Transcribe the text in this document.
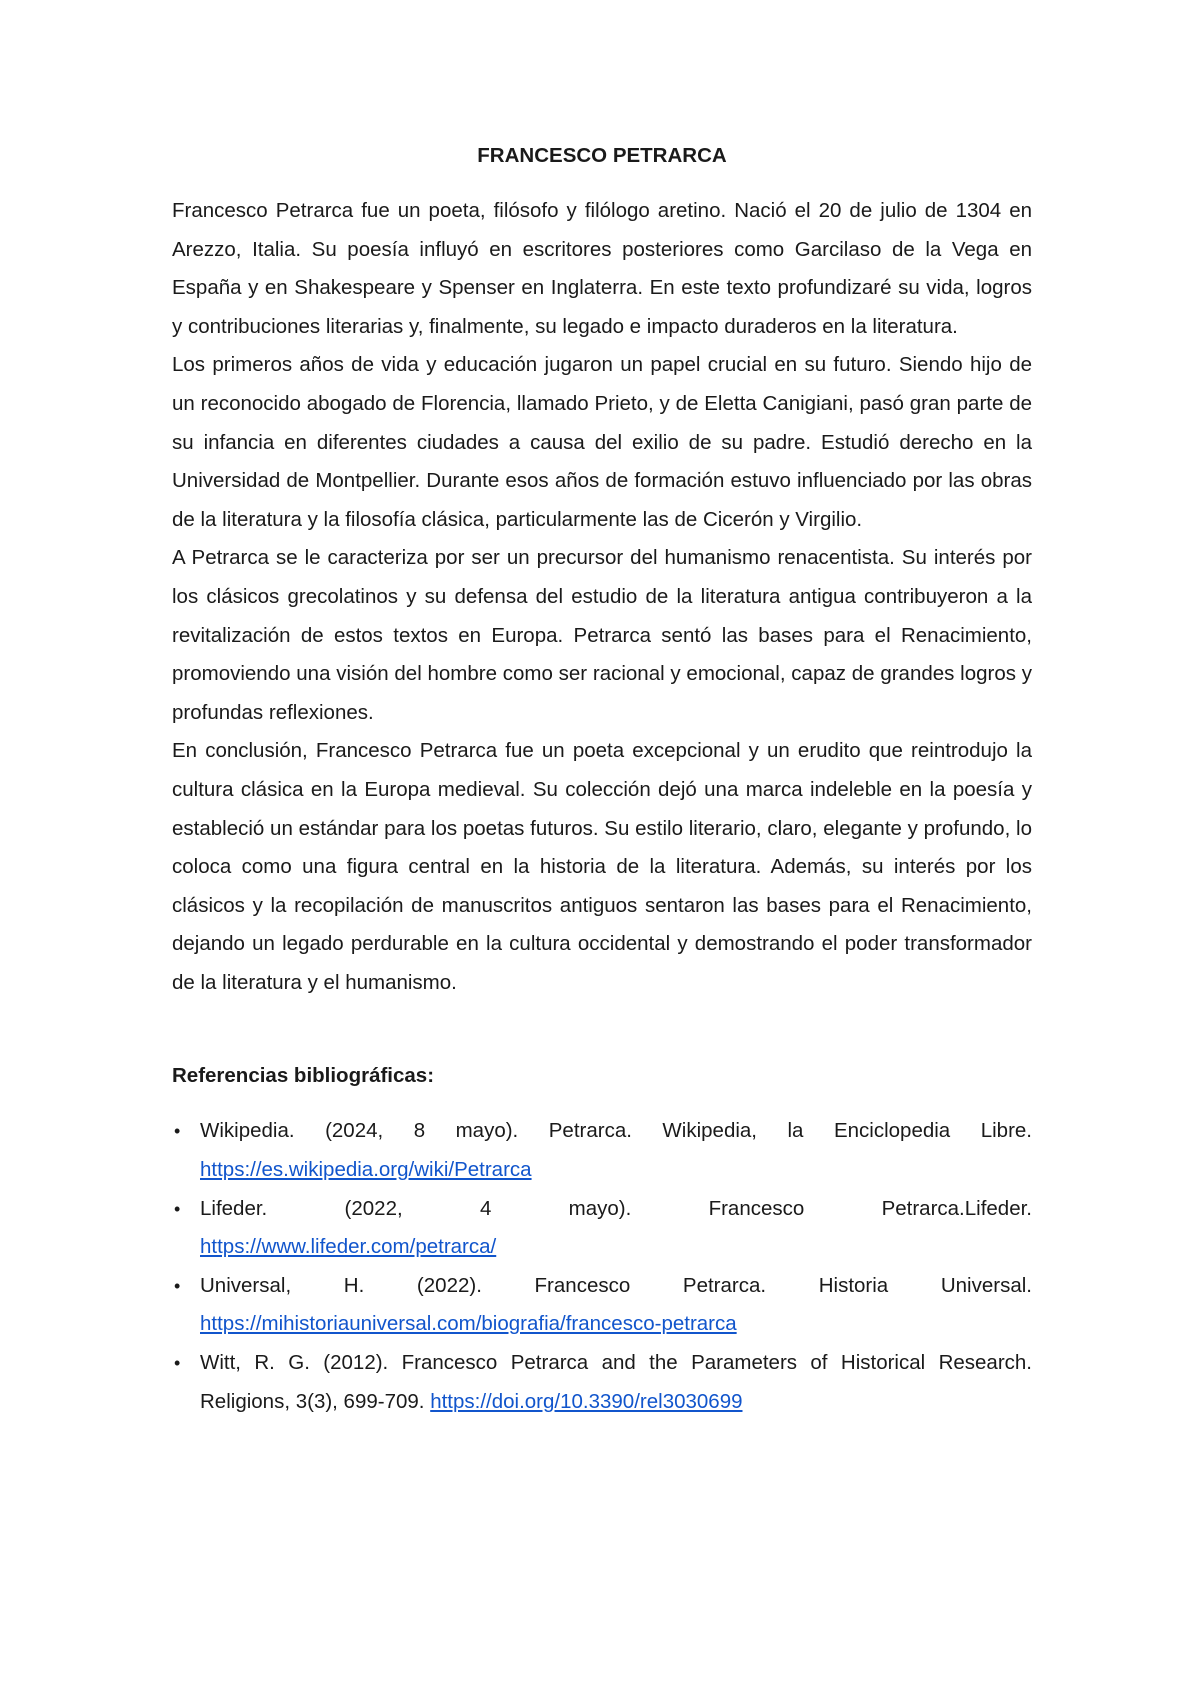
FRANCESCO PETRARCA

Francesco Petrarca fue un poeta, filósofo y filólogo aretino. Nació el 20 de julio de 1304 en Arezzo, Italia. Su poesía influyó en escritores posteriores como Garcilaso de la Vega en España y en Shakespeare y Spenser en Inglaterra. En este texto profundizaré su vida, logros y contribuciones literarias y, finalmente, su legado e impacto duraderos en la literatura.

Los primeros años de vida y educación jugaron un papel crucial en su futuro. Siendo hijo de un reconocido abogado de Florencia, llamado Prieto, y de Eletta Canigiani, pasó gran parte de su infancia en diferentes ciudades a causa del exilio de su padre. Estudió derecho en la Universidad de Montpellier. Durante esos años de formación estuvo influenciado por las obras de la literatura y la filosofía clásica, particularmente las de Cicerón y Virgilio.

A Petrarca se le caracteriza por ser un precursor del humanismo renacentista. Su interés por los clásicos grecolatinos y su defensa del estudio de la literatura antigua contribuyeron a la revitalización de estos textos en Europa. Petrarca sentó las bases para el Renacimiento, promoviendo una visión del hombre como ser racional y emocional, capaz de grandes logros y profundas reflexiones.

En conclusión, Francesco Petrarca fue un poeta excepcional y un erudito que reintrodujo la cultura clásica en la Europa medieval. Su colección dejó una marca indeleble en la poesía y estableció un estándar para los poetas futuros. Su estilo literario, claro, elegante y profundo, lo coloca como una figura central en la historia de la literatura. Además, su interés por los clásicos y la recopilación de manuscritos antiguos sentaron las bases para el Renacimiento, dejando un legado perdurable en la cultura occidental y demostrando el poder transformador de la literatura y el humanismo.

Referencias bibliográficas:
• Wikipedia. (2024, 8 mayo). Petrarca. Wikipedia, la Enciclopedia Libre.
https://es.wikipedia.org/wiki/Petrarca
• Lifeder. (2022, 4 mayo). Francesco Petrarca.Lifeder.
https://www.lifeder.com/petrarca/
• Universal, H. (2022). Francesco Petrarca. Historia Universal.
https://mihistoriauniversal.com/biografia/francesco-petrarca
• Witt, R. G. (2012). Francesco Petrarca and the Parameters of Historical Research. Religions, 3(3), 699-709. https://doi.org/10.3390/rel3030699
